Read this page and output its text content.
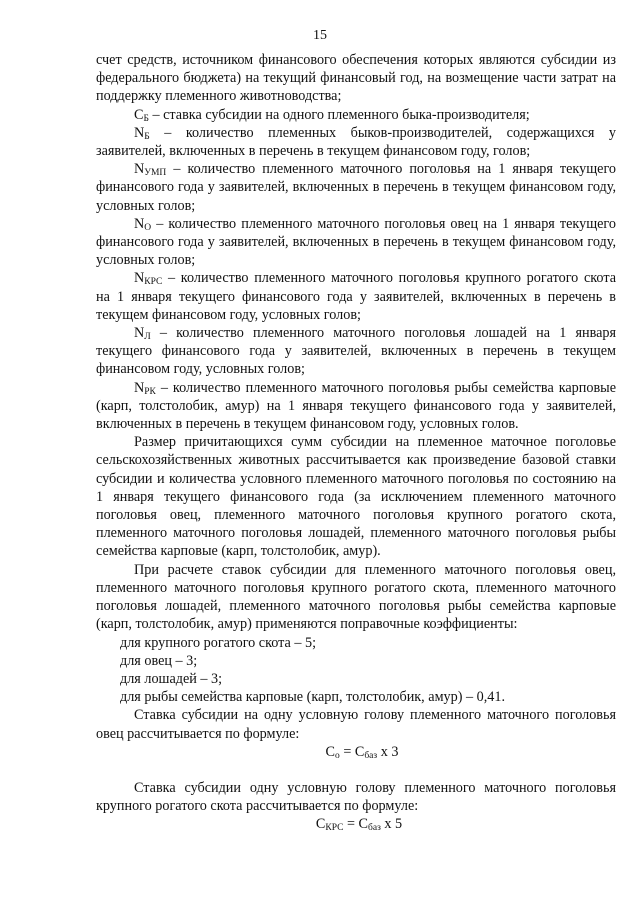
15

счет средств, источником финансового обеспечения которых являются субсидии из федерального бюджета) на текущий финансовый год, на возмещение части затрат на поддержку племенного животноводства;

$С_Б$ – ставка субсидии на одного племенного быка-производителя;

$N_Б$ – количество племенных быков-производителей, содержащихся у заявителей, включенных в перечень в текущем финансовом году, голов;

$N_{УМП}$ – количество племенного маточного поголовья на 1 января текущего финансового года у заявителей, включенных в перечень в текущем финансовом году, условных голов;

$N_О$ – количество племенного маточного поголовья овец на 1 января текущего финансового года у заявителей, включенных в перечень в текущем финансовом году, условных голов;

$N_{КРС}$ – количество племенного маточного поголовья крупного рогатого скота на 1 января текущего финансового года у заявителей, включенных в перечень в текущем финансовом году, условных голов;

$N_Л$ – количество племенного маточного поголовья лошадей на 1 января текущего финансового года у заявителей, включенных в перечень в текущем финансовом году, условных голов;

$N_{РК}$ – количество племенного маточного поголовья рыбы семейства карповые (карп, толстолобик, амур) на 1 января текущего финансового года у заявителей, включенных в перечень в текущем финансовом году, условных голов.

Размер причитающихся сумм субсидии на племенное маточное поголовье сельскохозяйственных животных рассчитывается как произведение базовой ставки субсидии и количества условного племенного маточного поголовья по состоянию на 1 января текущего финансового года (за исключением племенного маточного поголовья овец, племенного маточного поголовья крупного рогатого скота, племенного маточного поголовья лошадей, племенного маточного поголовья рыбы семейства карповые (карп, толстолобик, амур).

При расчете ставок субсидии для племенного маточного поголовья овец, племенного маточного поголовья крупного рогатого скота, племенного маточного поголовья лошадей, племенного маточного поголовья рыбы семейства карповые (карп, толстолобик, амур) применяются поправочные коэффициенты:

для крупного рогатого скота – 5;

для овец – 3;

для лошадей – 3;

для рыбы семейства карповые (карп, толстолобик, амур) – 0,41.

Ставка субсидии на одну условную голову племенного маточного поголовья овец рассчитывается по формуле:

$С_о = С_{баз}$ х 3

Ставка субсидии одну условную голову племенного маточного поголовья крупного рогатого скота рассчитывается по формуле:

$С_{КРС} = С_{баз}$ х 5
